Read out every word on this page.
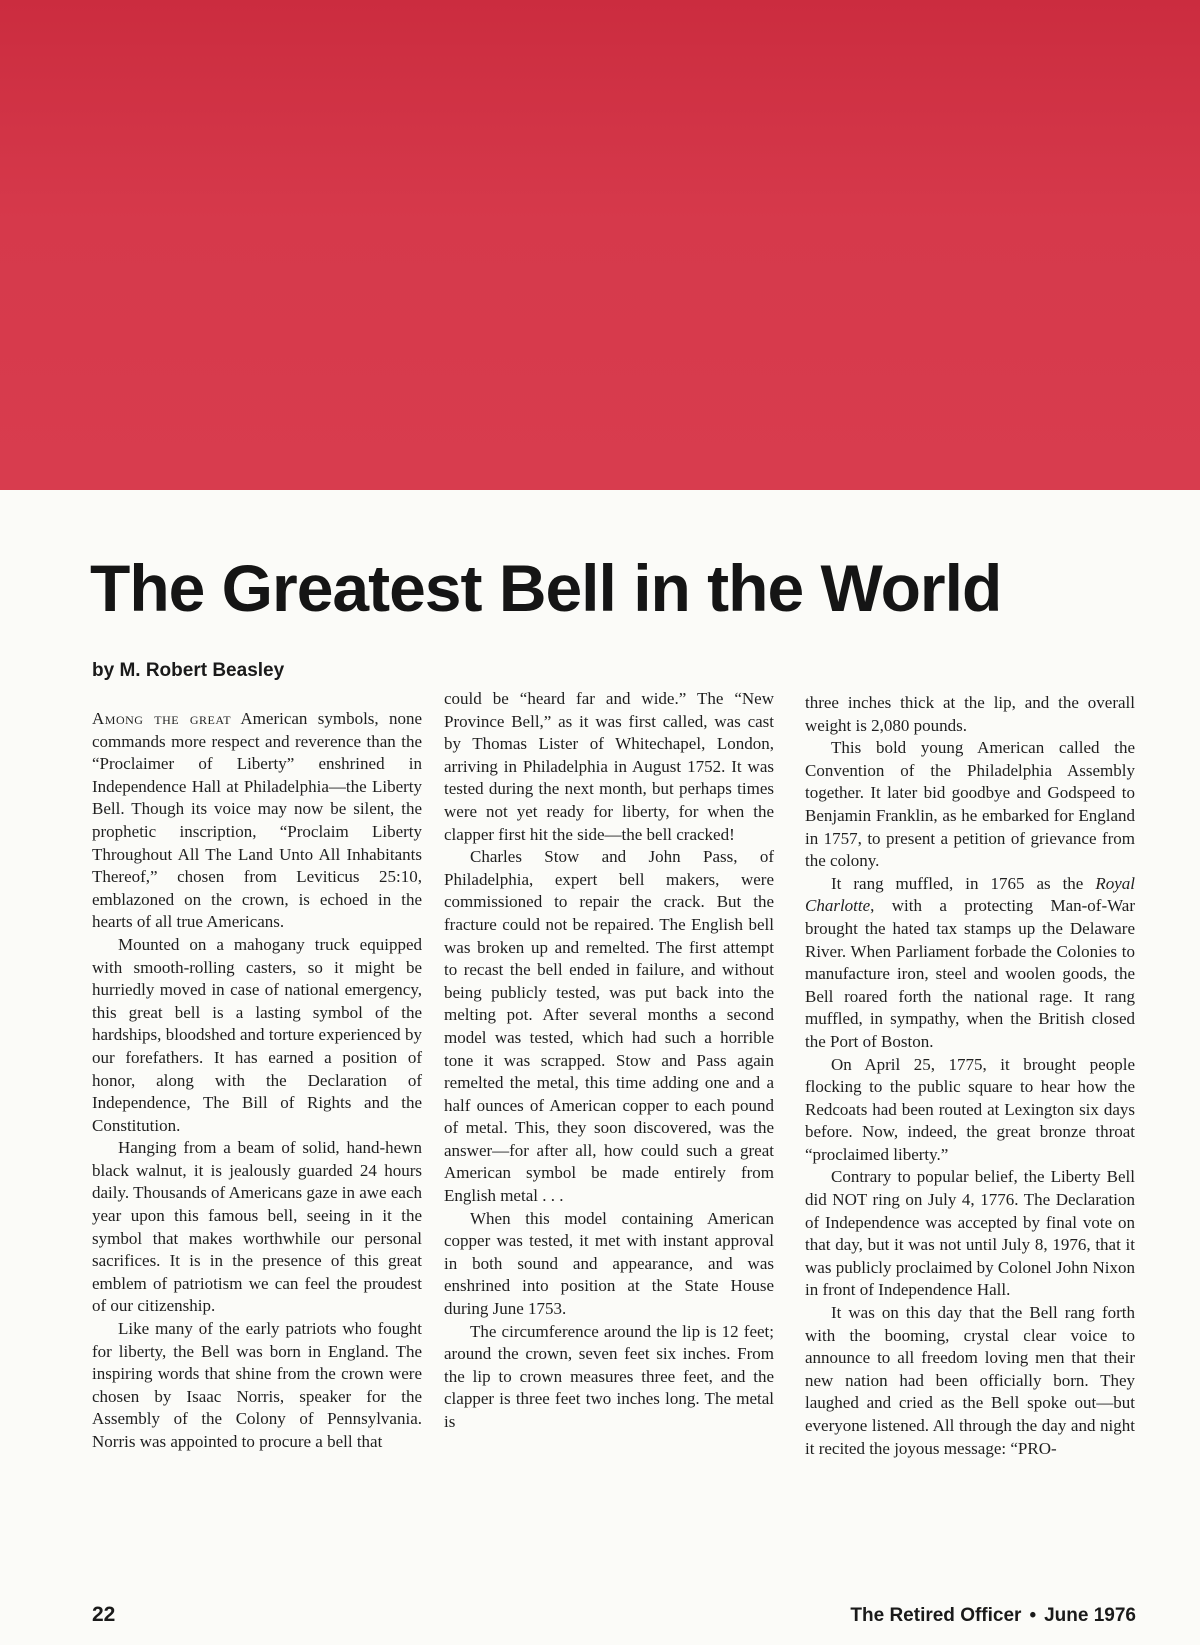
The Greatest Bell in the World
by M. Robert Beasley

Among the great American symbols, none commands more respect and reverence than the “Proclaimer of Liberty” enshrined in Independence Hall at Philadelphia—the Liberty Bell. Though its voice may now be silent, the prophetic inscription, “Proclaim Liberty Throughout All The Land Unto All Inhabitants Thereof,” chosen from Leviticus 25:10, emblazoned on the crown, is echoed in the hearts of all true Americans.

Mounted on a mahogany truck equipped with smooth-rolling casters, so it might be hurriedly moved in case of national emergency, this great bell is a lasting symbol of the hardships, bloodshed and torture experienced by our forefathers. It has earned a position of honor, along with the Declaration of Independence, The Bill of Rights and the Constitution.

Hanging from a beam of solid, hand-hewn black walnut, it is jealously guarded 24 hours daily. Thousands of Americans gaze in awe each year upon this famous bell, seeing in it the symbol that makes worthwhile our personal sacrifices. It is in the presence of this great emblem of patriotism we can feel the proudest of our citizenship.

Like many of the early patriots who fought for liberty, the Bell was born in England. The inspiring words that shine from the crown were chosen by Isaac Norris, speaker for the Assembly of the Colony of Pennsylvania. Norris was appointed to procure a bell that

could be “heard far and wide.” The “New Province Bell,” as it was first called, was cast by Thomas Lister of Whitechapel, London, arriving in Philadelphia in August 1752. It was tested during the next month, but perhaps times were not yet ready for liberty, for when the clapper first hit the side—the bell cracked!

Charles Stow and John Pass, of Philadelphia, expert bell makers, were commissioned to repair the crack. But the fracture could not be repaired. The English bell was broken up and remelted. The first attempt to recast the bell ended in failure, and without being publicly tested, was put back into the melting pot. After several months a second model was tested, which had such a horrible tone it was scrapped. Stow and Pass again remelted the metal, this time adding one and a half ounces of American copper to each pound of metal. This, they soon discovered, was the answer—for after all, how could such a great American symbol be made entirely from English metal . . .

When this model containing American copper was tested, it met with instant approval in both sound and appearance, and was enshrined into position at the State House during June 1753.

The circumference around the lip is 12 feet; around the crown, seven feet six inches. From the lip to crown measures three feet, and the clapper is three feet two inches long. The metal is

three inches thick at the lip, and the overall weight is 2,080 pounds.

This bold young American called the Convention of the Philadelphia Assembly together. It later bid goodbye and Godspeed to Benjamin Franklin, as he embarked for England in 1757, to present a petition of grievance from the colony.

It rang muffled, in 1765 as the Royal Charlotte, with a protecting Man-of-War brought the hated tax stamps up the Delaware River. When Parliament forbade the Colonies to manufacture iron, steel and woolen goods, the Bell roared forth the national rage. It rang muffled, in sympathy, when the British closed the Port of Boston.

On April 25, 1775, it brought people flocking to the public square to hear how the Redcoats had been routed at Lexington six days before. Now, indeed, the great bronze throat “proclaimed liberty.”

Contrary to popular belief, the Liberty Bell did NOT ring on July 4, 1776. The Declaration of Independence was accepted by final vote on that day, but it was not until July 8, 1976, that it was publicly proclaimed by Colonel John Nixon in front of Independence Hall.

It was on this day that the Bell rang forth with the booming, crystal clear voice to announce to all freedom loving men that their new nation had been officially born. They laughed and cried as the Bell spoke out—but everyone listened. All through the day and night it recited the joyous message: “PRO-

22	The Retired Officer • June 1976
